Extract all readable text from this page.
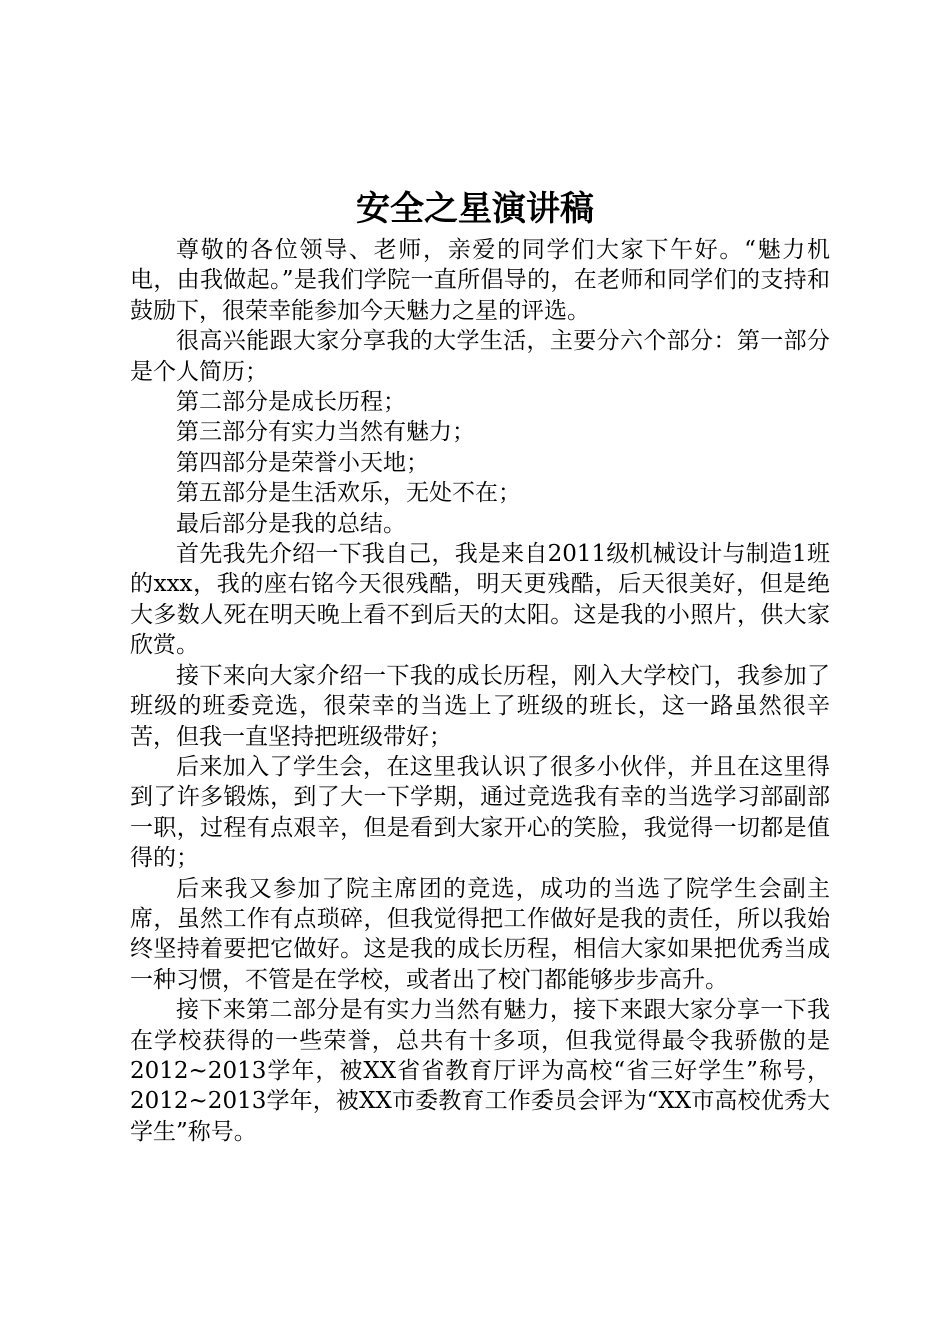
安全之星演讲稿

尊敬的各位领导、老师，亲爱的同学们大家下午好。“魅力机电，由我做起。”是我们学院一直所倡导的，在老师和同学们的支持和鼓励下，很荣幸能参加今天魅力之星的评选。

很高兴能跟大家分享我的大学生活，主要分六个部分：第一部分是个人简历；

第二部分是成长历程；

第三部分有实力当然有魅力；

第四部分是荣誉小天地；

第五部分是生活欢乐，无处不在；

最后部分是我的总结。

首先我先介绍一下我自己，我是来自2011级机械设计与制造1班的xxx，我的座右铭今天很残酷，明天更残酷，后天很美好，但是绝大多数人死在明天晚上看不到后天的太阳。这是我的小照片，供大家欣赏。

接下来向大家介绍一下我的成长历程，刚入大学校门，我参加了班级的班委竞选，很荣幸的当选上了班级的班长，这一路虽然很辛苦，但我一直坚持把班级带好；

后来加入了学生会，在这里我认识了很多小伙伴，并且在这里得到了许多锻炼，到了大一下学期，通过竞选我有幸的当选学习部副部一职，过程有点艰辛，但是看到大家开心的笑脸，我觉得一切都是值得的；

后来我又参加了院主席团的竞选，成功的当选了院学生会副主席，虽然工作有点琐碎，但我觉得把工作做好是我的责任，所以我始终坚持着要把它做好。这是我的成长历程，相信大家如果把优秀当成一种习惯，不管是在学校，或者出了校门都能够步步高升。

接下来第二部分是有实力当然有魅力，接下来跟大家分享一下我在学校获得的一些荣誉，总共有十多项，但我觉得最令我骄傲的是2012~2013学年，被XX省省教育厅评为高校“省三好学生”称号，2012~2013学年，被XX市委教育工作委员会评为“XX市高校优秀大学生”称号。
